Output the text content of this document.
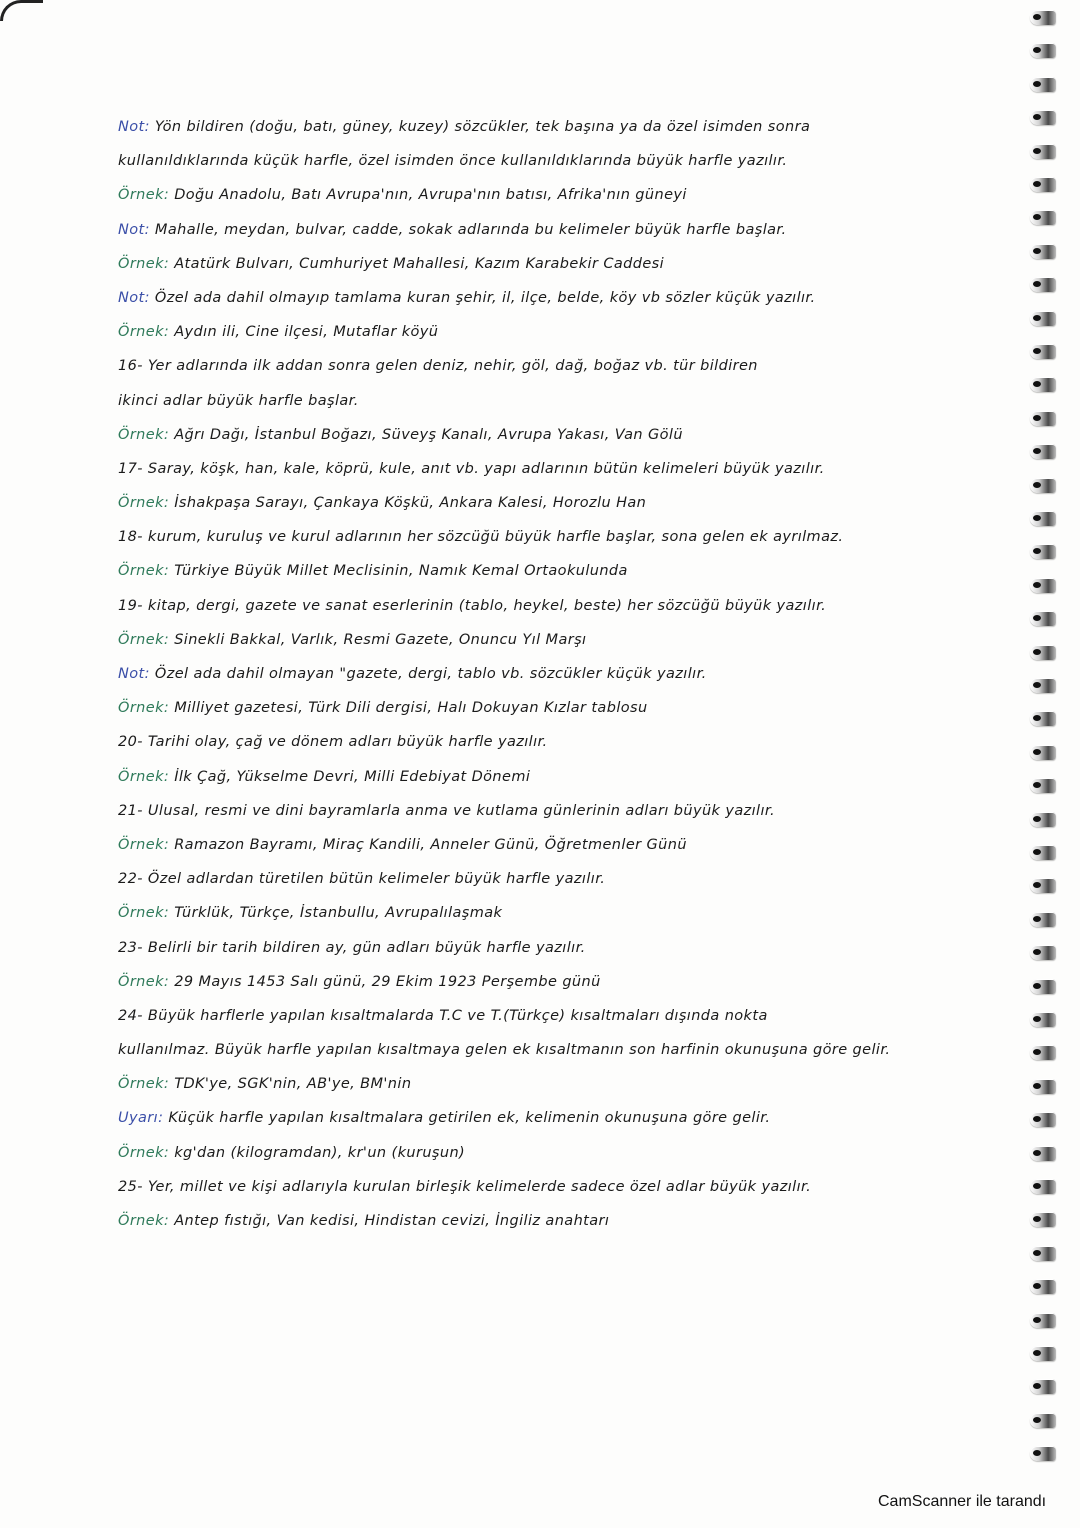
Not: Yön bildiren (doğu, batı, güney, kuzey) sözcükler, tek başına ya da özel isimden sonra
kullanıldıklarında küçük harfle, özel isimden önce kullanıldıklarında büyük harfle yazılır.
Örnek: Doğu Anadolu, Batı Avrupa'nın, Avrupa'nın batısı, Afrika'nın güneyi
Not: Mahalle, meydan, bulvar, cadde, sokak adlarında bu kelimeler büyük harfle başlar.
Örnek: Atatürk Bulvarı, Cumhuriyet Mahallesi, Kazım Karabekir Caddesi
Not: Özel ada dahil olmayıp tamlama kuran şehir, il, ilçe, belde, köy vb sözler küçük yazılır.
Örnek: Aydın ili, Cine ilçesi, Mutaflar köyü
16- Yer adlarında ilk addan sonra gelen deniz, nehir, göl, dağ, boğaz vb. tür bildiren
ikinci adlar büyük harfle başlar.
Örnek: Ağrı Dağı, İstanbul Boğazı, Süveyş Kanalı, Avrupa Yakası, Van Gölü
17- Saray, köşk, han, kale, köprü, kule, anıt vb. yapı adlarının bütün kelimeleri büyük yazılır.
Örnek: İshakpaşa Sarayı, Çankaya Köşkü, Ankara Kalesi, Horozlu Han
18- kurum, kuruluş ve kurul adlarının her sözcüğü büyük harfle başlar, sona gelen ek ayrılmaz.
Örnek: Türkiye Büyük Millet Meclisinin, Namık Kemal Ortaokulunda
19- kitap, dergi, gazete ve sanat eserlerinin (tablo, heykel, beste) her sözcüğü büyük yazılır.
Örnek: Sinekli Bakkal, Varlık, Resmi Gazete, Onuncu Yıl Marşı
Not: Özel ada dahil olmayan "gazete, dergi, tablo vb. sözcükler küçük yazılır.
Örnek: Milliyet gazetesi, Türk Dili dergisi, Halı Dokuyan Kızlar tablosu
20- Tarihi olay, çağ ve dönem adları büyük harfle yazılır.
Örnek: İlk Çağ, Yükselme Devri, Milli Edebiyat Dönemi
21- Ulusal, resmi ve dini bayramlarla anma ve kutlama günlerinin adları büyük yazılır.
Örnek: Ramazon Bayramı, Miraç Kandili, Anneler Günü, Öğretmenler Günü
22- Özel adlardan türetilen bütün kelimeler büyük harfle yazılır.
Örnek: Türklük, Türkçe, İstanbullu, Avrupalılaşmak
23- Belirli bir tarih bildiren ay, gün adları büyük harfle yazılır.
Örnek: 29 Mayıs 1453 Salı günü, 29 Ekim 1923 Perşembe günü
24- Büyük harflerle yapılan kısaltmalarda T.C ve T.(Türkçe) kısaltmaları dışında nokta
kullanılmaz. Büyük harfle yapılan kısaltmaya gelen ek kısaltmanın son harfinin okunuşuna göre gelir.
Örnek: TDK'ye, SGK'nin, AB'ye, BM'nin
Uyarı: Küçük harfle yapılan kısaltmalara getirilen ek, kelimenin okunuşuna göre gelir.
Örnek: kg'dan (kilogramdan), kr'un (kuruşun)
25- Yer, millet ve kişi adlarıyla kurulan birleşik kelimelerde sadece özel adlar büyük yazılır.
Örnek: Antep fıstığı, Van kedisi, Hindistan cevizi, İngiliz anahtarı
CamScanner ile tarandı
